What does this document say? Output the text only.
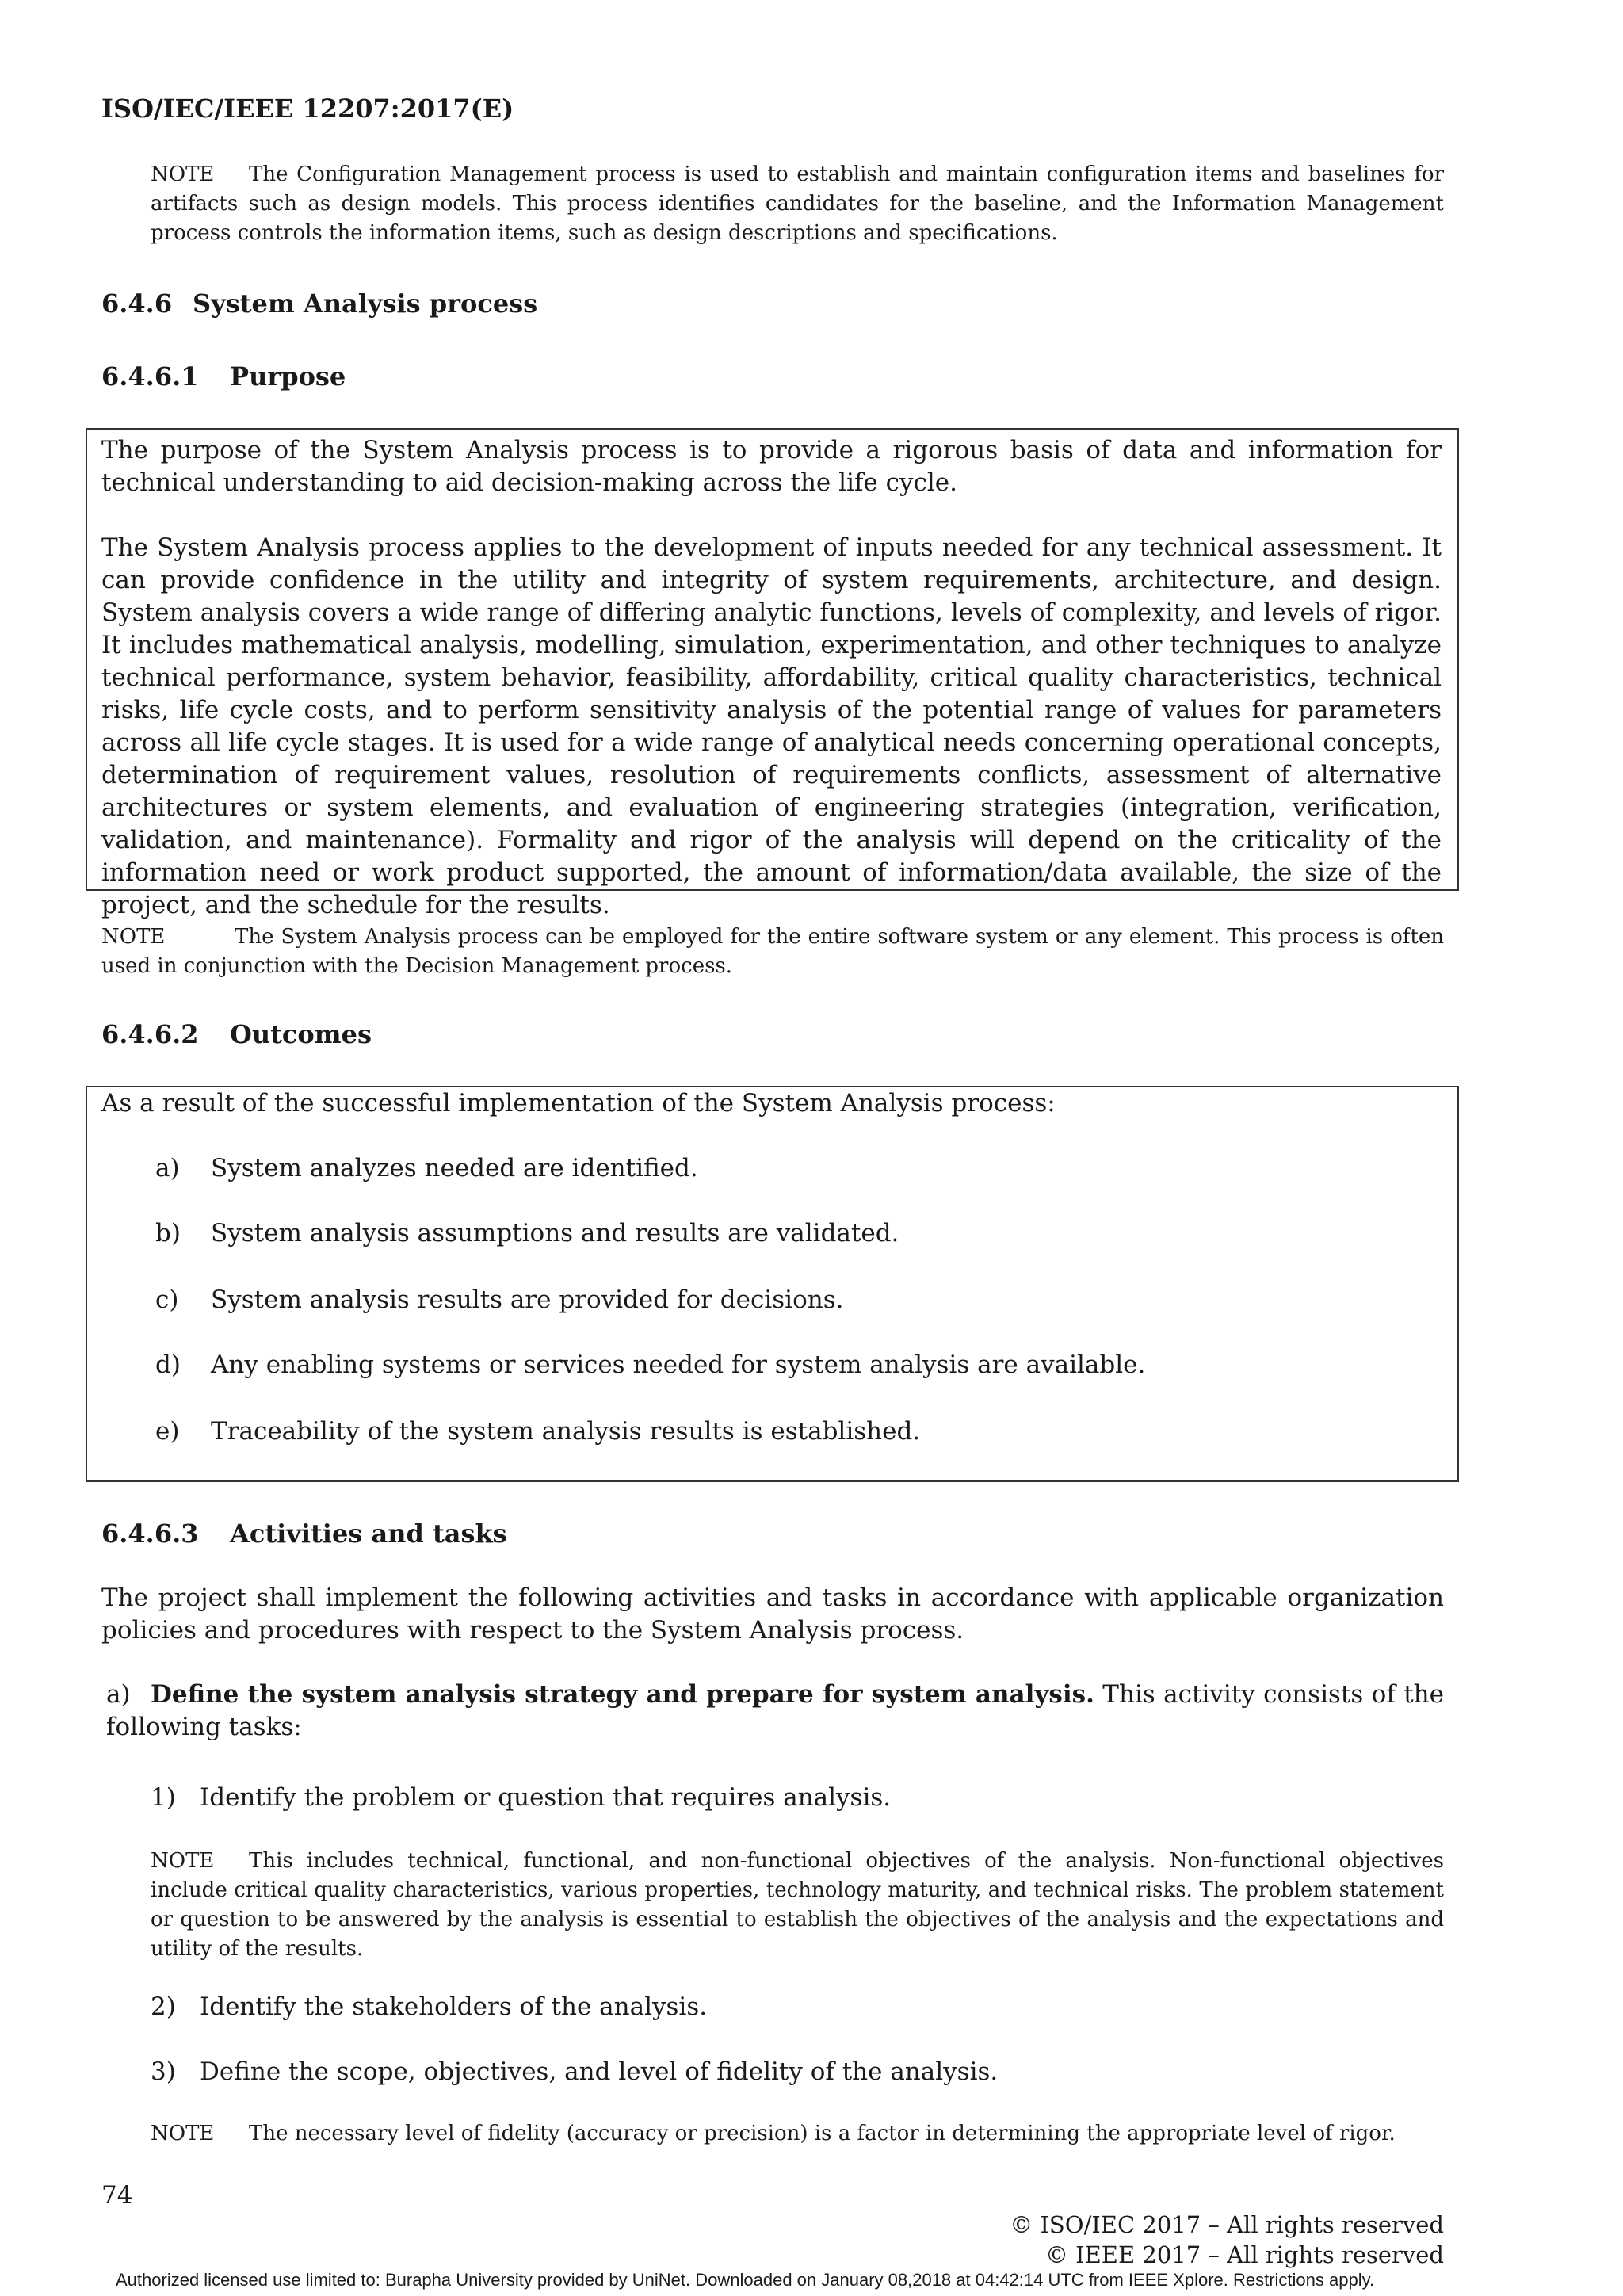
ISO/IEC/IEEE 12207:2017(E)
NOTE The Configuration Management process is used to establish and maintain configuration items and baselines for artifacts such as design models. This process identifies candidates for the baseline, and the Information Management process controls the information items, such as design descriptions and specifications.
6.4.6 System Analysis process
6.4.6.1 Purpose

The purpose of the System Analysis process is to provide a rigorous basis of data and information for technical understanding to aid decision-making across the life cycle.

The System Analysis process applies to the development of inputs needed for any technical assessment. It can provide confidence in the utility and integrity of system requirements, architecture, and design. System analysis covers a wide range of differing analytic functions, levels of complexity, and levels of rigor. It includes mathematical analysis, modelling, simulation, experimentation, and other techniques to analyze technical performance, system behavior, feasibility, affordability, critical quality characteristics, technical risks, life cycle costs, and to perform sensitivity analysis of the potential range of values for parameters across all life cycle stages. It is used for a wide range of analytical needs concerning operational concepts, determination of requirement values, resolution of requirements conflicts, assessment of alternative architectures or system elements, and evaluation of engineering strategies (integration, verification, validation, and maintenance). Formality and rigor of the analysis will depend on the criticality of the information need or work product supported, the amount of information/data available, the size of the project, and the schedule for the results.

NOTE	The System Analysis process can be employed for the entire software system or any element. This process is often used in conjunction with the Decision Management process.
6.4.6.2 Outcomes
As a result of the successful implementation of the System Analysis process:
a) System analyzes needed are identified.
b) System analysis assumptions and results are validated.
c) System analysis results are provided for decisions.
d) Any enabling systems or services needed for system analysis are available.
e) Traceability of the system analysis results is established.
6.4.6.3 Activities and tasks
The project shall implement the following activities and tasks in accordance with applicable organization policies and procedures with respect to the System Analysis process.
a) Define the system analysis strategy and prepare for system analysis. This activity consists of the following tasks:
1) Identify the problem or question that requires analysis.
NOTE This includes technical, functional, and non-functional objectives of the analysis. Non-functional objectives include critical quality characteristics, various properties, technology maturity, and technical risks. The problem statement or question to be answered by the analysis is essential to establish the objectives of the analysis and the expectations and utility of the results.
2) Identify the stakeholders of the analysis.
3) Define the scope, objectives, and level of fidelity of the analysis.
NOTE The necessary level of fidelity (accuracy or precision) is a factor in determining the appropriate level of rigor.
74
© ISO/IEC 2017 – All rights reserved
© IEEE 2017 – All rights reserved
Authorized licensed use limited to: Burapha University provided by UniNet. Downloaded on January 08,2018 at 04:42:14 UTC from IEEE Xplore. Restrictions apply.
